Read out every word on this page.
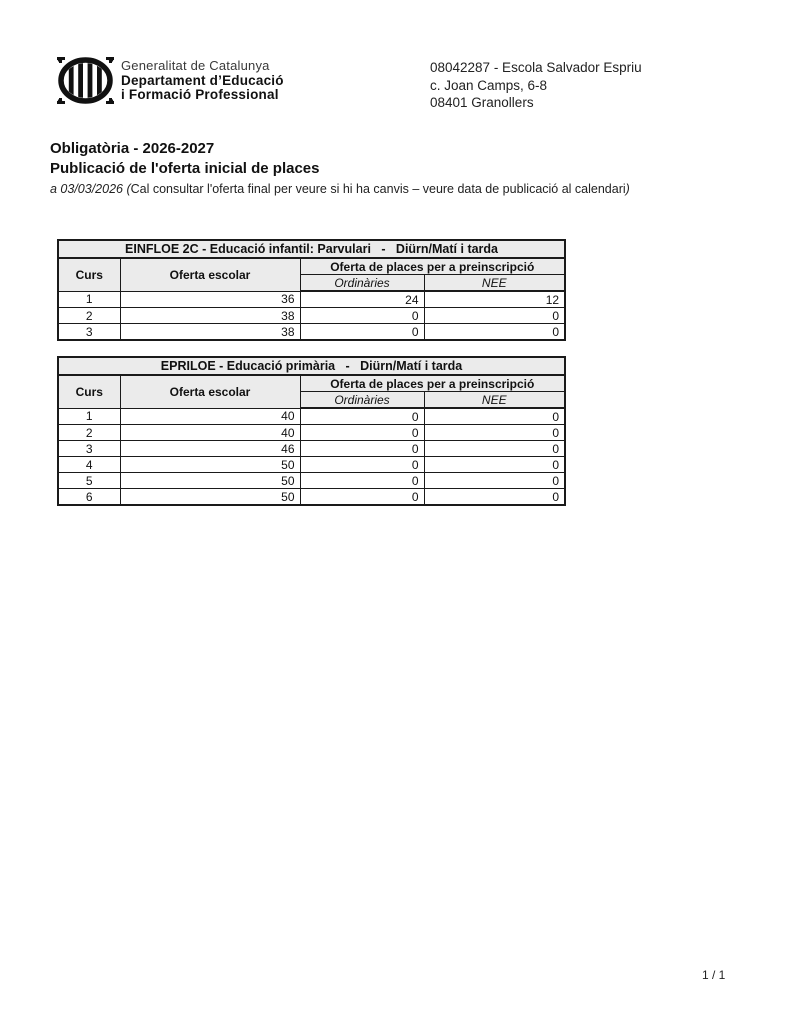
Generalitat de Catalunya
Departament d’Educació
i Formació Professional
08042287 - Escola Salvador Espriu
c. Joan Camps, 6-8
08401 Granollers
Obligatòria - 2026-2027
Publicació de l'oferta inicial de places
a 03/03/2026 (Cal consultar l'oferta final per veure si hi ha canvis – veure data de publicació al calendari)
EINFLOE 2C - Educació infantil: Parvulari   -   Diürn/Matí i tarda			
Curs	Oferta escolar	Oferta de places per a preinscripció	
		Ordinàries	NEE
1	36	24	12
2	38	0	0
3	38	0	0
EPRILOE - Educació primària   -   Diürn/Matí i tarda			
Curs	Oferta escolar	Oferta de places per a preinscripció	
		Ordinàries	NEE
1	40	0	0
2	40	0	0
3	46	0	0
4	50	0	0
5	50	0	0
6	50	0	0
1 / 1
